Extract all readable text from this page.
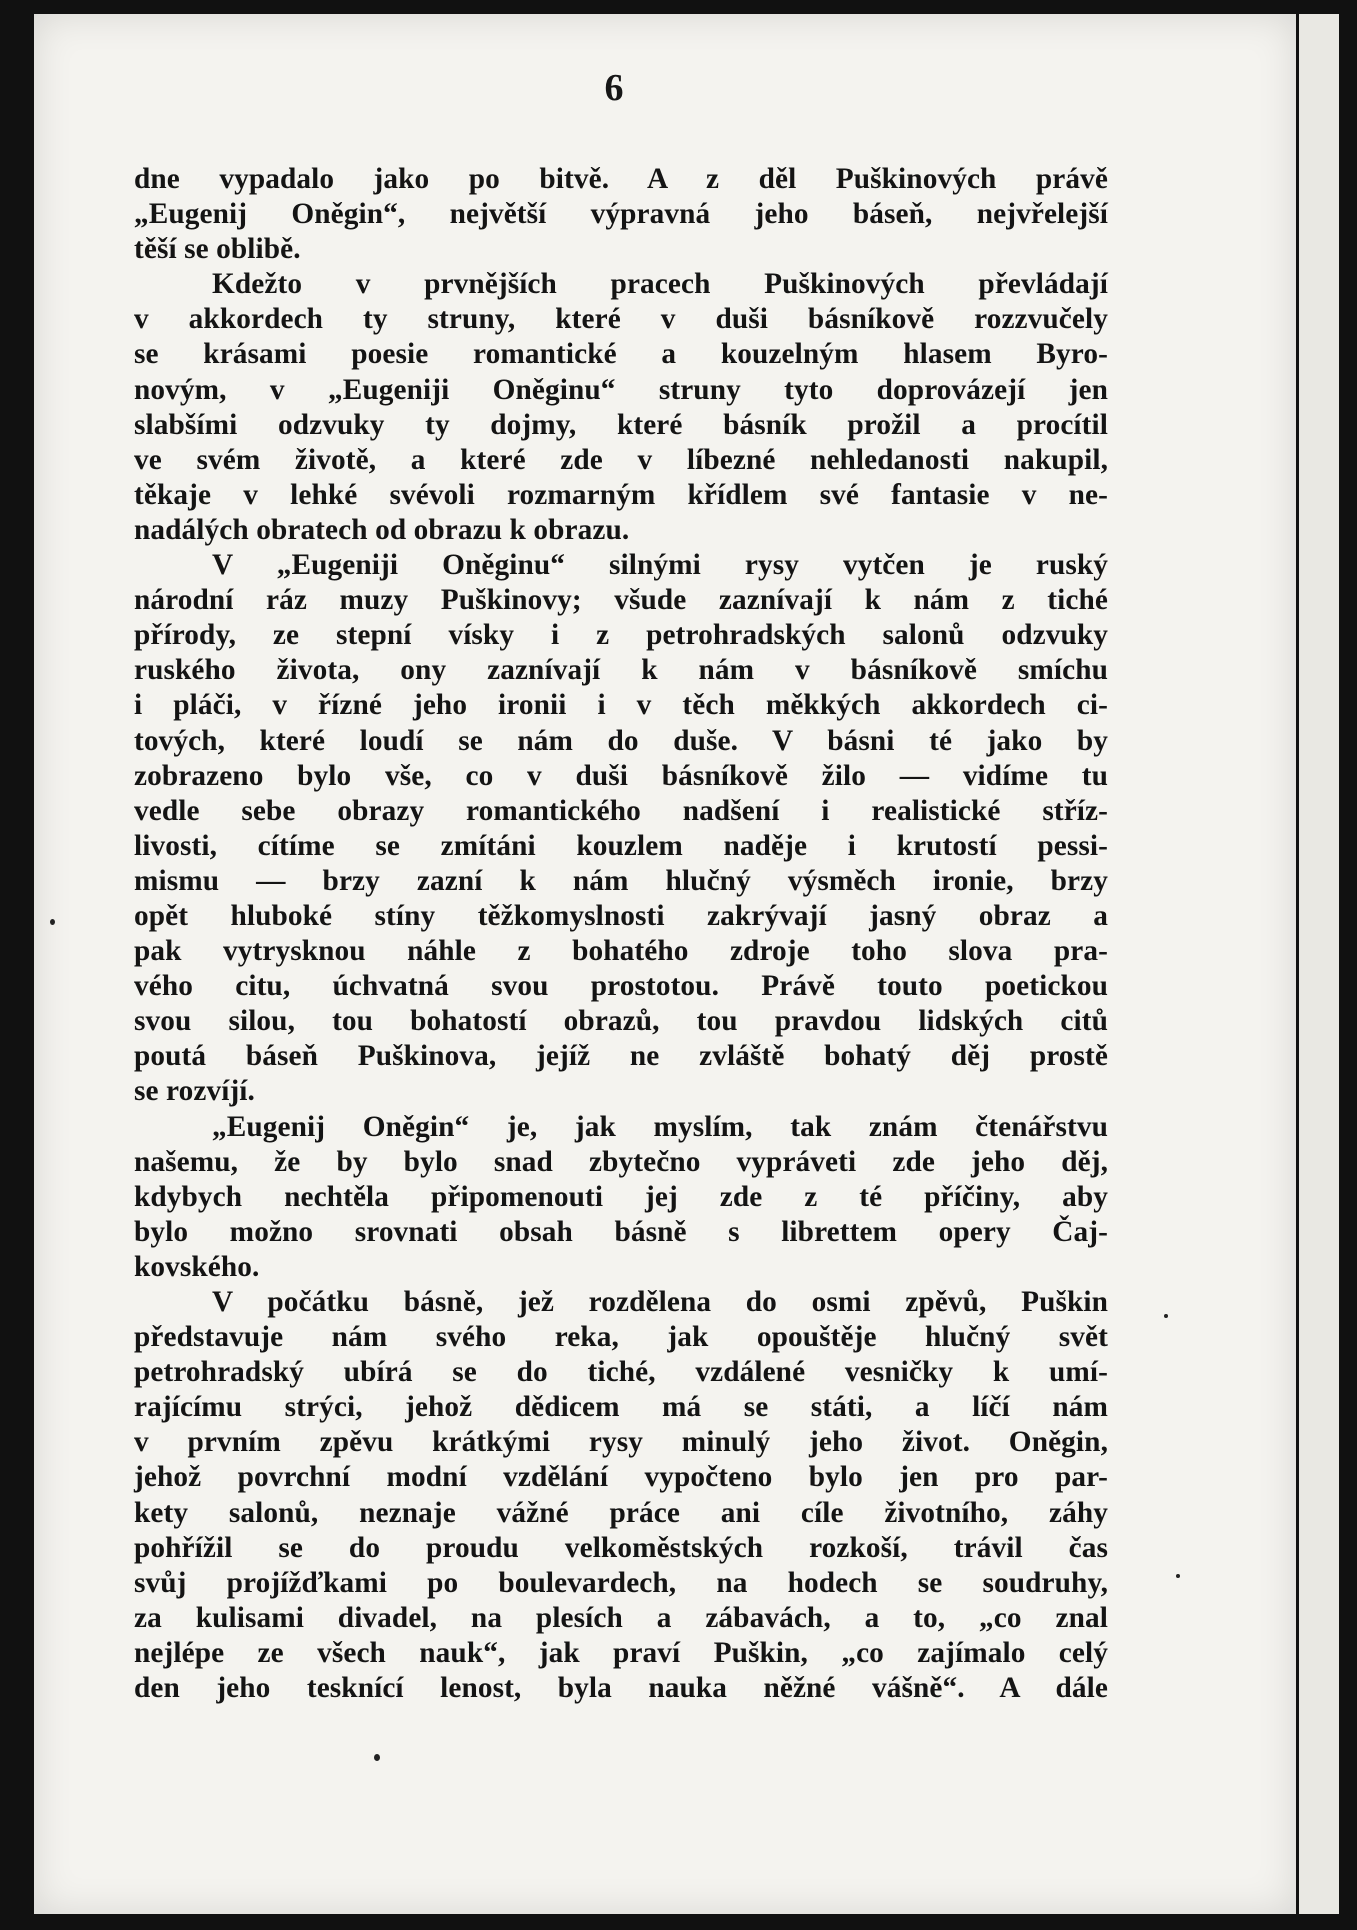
6
dne vypadalo jako po bitvě. A z děl Puškinových právě
„Eugenij Oněgin“, největší výpravná jeho báseň, nejvřelejší
těší se oblibě.
Kdežto v prvnějších pracech Puškinových převládají
v akkordech ty struny, které v duši básníkově rozzvučely
se krásami poesie romantické a kouzelným hlasem Byro-
novým, v „Eugeniji Oněginu“ struny tyto doprovázejí jen
slabšími odzvuky ty dojmy, které básník prožil a procítil
ve svém životě, a které zde v líbezné nehledanosti nakupil,
těkaje v lehké svévoli rozmarným křídlem své fantasie v ne-
nadálých obratech od obrazu k obrazu.
V „Eugeniji Oněginu“ silnými rysy vytčen je ruský
národní ráz muzy Puškinovy; všude zaznívají k nám z tiché
přírody, ze stepní vísky i z petrohradských salonů odzvuky
ruského života, ony zaznívají k nám v básníkově smíchu
i pláči, v řízné jeho ironii i v těch měkkých akkordech ci-
tových, které loudí se nám do duše. V básni té jako by
zobrazeno bylo vše, co v duši básníkově žilo — vidíme tu
vedle sebe obrazy romantického nadšení i realistické stříz-
livosti, cítíme se zmítáni kouzlem naděje i krutostí pessi-
mismu — brzy zazní k nám hlučný výsměch ironie, brzy
opět hluboké stíny těžkomyslnosti zakrývají jasný obraz a
pak vytrysknou náhle z bohatého zdroje toho slova pra-
vého citu, úchvatná svou prostotou. Právě touto poetickou
svou silou, tou bohatostí obrazů, tou pravdou lidských citů
poutá báseň Puškinova, jejíž ne zvláště bohatý děj prostě
se rozvíjí.
„Eugenij Oněgin“ je, jak myslím, tak znám čtenářstvu
našemu, že by bylo snad zbytečno vypráveti zde jeho děj,
kdybych nechtěla připomenouti jej zde z té příčiny, aby
bylo možno srovnati obsah básně s librettem opery Čaj-
kovského.
V počátku básně, jež rozdělena do osmi zpěvů, Puškin
představuje nám svého reka, jak opouštěje hlučný svět
petrohradský ubírá se do tiché, vzdálené vesničky k umí-
rajícímu strýci, jehož dědicem má se státi, a líčí nám
v prvním zpěvu krátkými rysy minulý jeho život. Oněgin,
jehož povrchní modní vzdělání vypočteno bylo jen pro par-
kety salonů, neznaje vážné práce ani cíle životního, záhy
pohřížil se do proudu velkoměstských rozkoší, trávil čas
svůj projížďkami po boulevardech, na hodech se soudruhy,
za kulisami divadel, na plesích a zábavách, a to, „co znal
nejlépe ze všech nauk“, jak praví Puškin, „co zajímalo celý
den jeho tesknící lenost, byla nauka něžné vášně“. A dále
